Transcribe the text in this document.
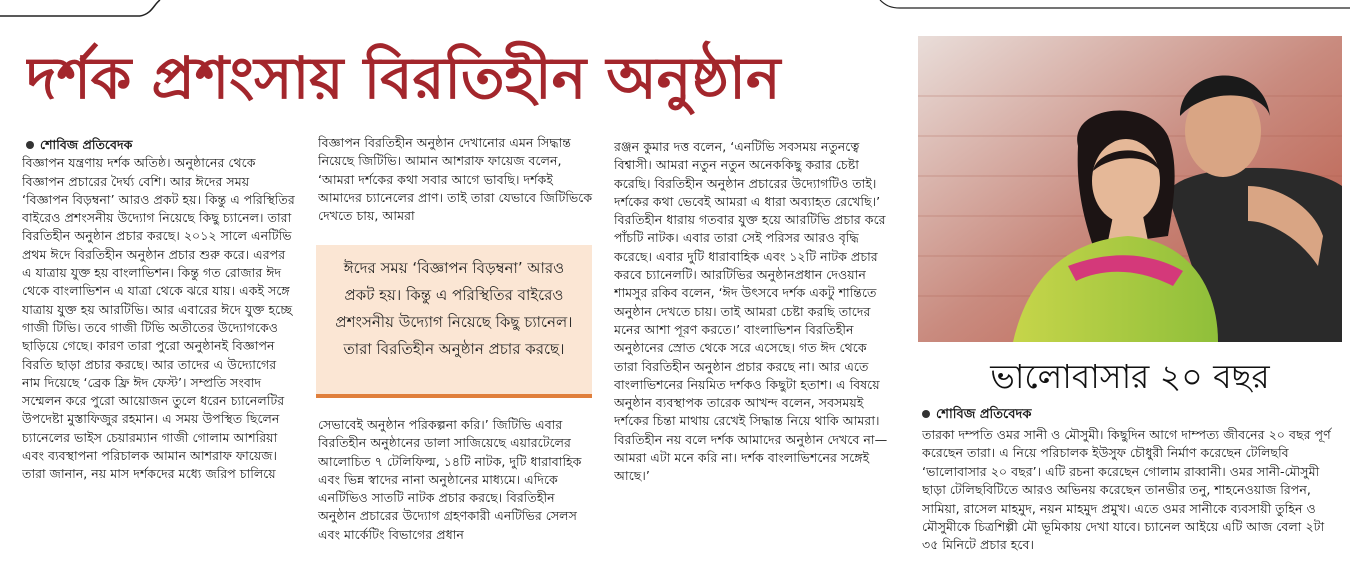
দর্শক প্রশংসায় বিরতিহীন অনুষ্ঠান

শোবিজ প্রতিবেদক

বিজ্ঞাপন যন্ত্রণায় দর্শক অতিষ্ঠ। অনুষ্ঠানের থেকে বিজ্ঞাপন প্রচারের দৈর্ঘ্য বেশি। আর ঈদের সময় ‘বিজ্ঞাপন বিড়ম্বনা’ আরও প্রকট হয়। কিন্তু এ পরিস্থিতির বাইরেও প্রশংসনীয় উদ্যোগ নিয়েছে কিছু চ্যানেল। তারা বিরতিহীন অনুষ্ঠান প্রচার করছে। ২০১২ সালে এনটিভি প্রথম ঈদে বিরতিহীন অনুষ্ঠান প্রচার শুরু করে। এরপর এ যাত্রায় যুক্ত হয় বাংলাভিশন। কিন্তু গত রোজার ঈদ থেকে বাংলাভিশন এ যাত্রা থেকে ঝরে যায়। একই সঙ্গে যাত্রায় যুক্ত হয় আরটিভি। আর এবারের ঈদে যুক্ত হচ্ছে গাজী টিভি। তবে গাজী টিভি অতীতের উদ্যোগকেও ছাড়িয়ে গেছে। কারণ তারা পুরো অনুষ্ঠানই বিজ্ঞাপন বিরতি ছাড়া প্রচার করছে। আর তাদের এ উদ্যোগের নাম দিয়েছে ‘ব্রেক ফ্রি ঈদ ফেস্ট’। সম্প্রতি সংবাদ সম্মেলন করে পুরো আয়োজন তুলে ধরেন চ্যানেলটির উপদেষ্টা মুস্তাফিজুর রহমান। এ সময় উপস্থিত ছিলেন চ্যানেলের ভাইস চেয়ারম্যান গাজী গোলাম আশরিয়া এবং ব্যবস্থাপনা পরিচালক আমান আশরাফ ফায়েজ। তারা জানান, নয় মাস দর্শকদের মধ্যে জরিপ চালিয়ে

বিজ্ঞাপন বিরতিহীন অনুষ্ঠান দেখানোর এমন সিদ্ধান্ত নিয়েছে জিটিভি। আমান আশরাফ ফায়েজ বলেন, ‘আমরা দর্শকের কথা সবার আগে ভাবছি। দর্শকই আমাদের চ্যানেলের প্রাণ। তাই তারা যেভাবে জিটিভিকে দেখতে চায়, আমরা

ঈদের সময় ‘বিজ্ঞাপন বিড়ম্বনা’ আরও প্রকট হয়। কিন্তু এ পরিস্থিতির বাইরেও প্রশংসনীয় উদ্যোগ নিয়েছে কিছু চ্যানেল। তারা বিরতিহীন অনুষ্ঠান প্রচার করছে।

সেভাবেই অনুষ্ঠান পরিকল্পনা করি।’ জিটিভি এবার বিরতিহীন অনুষ্ঠানের ডালা সাজিয়েছে এয়ারটেলের আলোচিত ৭ টেলিফিল্ম, ১৪টি নাটক, দুটি ধারাবাহিক এবং ভিন্ন স্বাদের নানা অনুষ্ঠানের মাধ্যমে। এদিকে এনটিভিও সাতটি নাটক প্রচার করছে। বিরতিহীন অনুষ্ঠান প্রচারের উদ্যোগ গ্রহণকারী এনটিভির সেলস এবং মার্কেটিং বিভাগের প্রধান

রঞ্জন কুমার দত্ত বলেন, ‘এনটিভি সবসময় নতুনত্বে বিশ্বাসী। আমরা নতুন নতুন অনেককিছু করার চেষ্টা করেছি। বিরতিহীন অনুষ্ঠান প্রচারের উদ্যোগটিও তাই। দর্শকের কথা ভেবেই আমরা এ ধারা অব্যাহত রেখেছি।’ বিরতিহীন ধারায় গতবার যুক্ত হয়ে আরটিভি প্রচার করে পাঁচটি নাটক। এবার তারা সেই পরিসর আরও বৃদ্ধি করেছে। এবার দুটি ধারাবাহিক এবং ১২টি নাটক প্রচার করবে চ্যানেলটি। আরটিভির অনুষ্ঠানপ্রধান দেওয়ান শামসুর রকিব বলেন, ‘ঈদ উৎসবে দর্শক একটু শান্তিতে অনুষ্ঠান দেখতে চায়। তাই আমরা চেষ্টা করছি তাদের মনের আশা পূরণ করতে।’ বাংলাভিশন বিরতিহীন অনুষ্ঠানের স্রোত থেকে সরে এসেছে। গত ঈদ থেকে তারা বিরতিহীন অনুষ্ঠান প্রচার করছে না। আর এতে বাংলাভিশনের নিয়মিত দর্শকও কিছুটা হতাশ। এ বিষয়ে অনুষ্ঠান ব্যবস্থাপক তারেক আখন্দ বলেন, সবসময়ই দর্শকের চিন্তা মাথায় রেখেই সিদ্ধান্ত নিয়ে থাকি আমরা। বিরতিহীন নয় বলে দর্শক আমাদের অনুষ্ঠান দেখবে না— আমরা এটা মনে করি না। দর্শক বাংলাভিশনের সঙ্গেই আছে।’

ভালোবাসার ২০ বছর
শোবিজ প্রতিবেদক
তারকা দম্পতি ওমর সানী ও মৌসুমী। কিছুদিন আগে দাম্পত্য জীবনের ২০ বছর পূর্ণ করেছেন তারা। এ নিয়ে পরিচালক ইউসুফ চৌধুরী নির্মাণ করেছেন টেলিছবি ‘ভালোবাসার ২০ বছর’। এটি রচনা করেছেন গোলাম রাব্বানী। ওমর সানী-মৌসুমী ছাড়া টেলিছবিটিতে আরও অভিনয় করেছেন তানভীর তনু, শাহনেওয়াজ রিপন, সামিয়া, রাসেল মাহমুদ, নয়ন মাহমুদ প্রমুখ। এতে ওমর সানীকে ব্যবসায়ী তুহিন ও মৌসুমীকে চিত্রশিল্পী মৌ ভূমিকায় দেখা যাবে। চ্যানেল আইয়ে এটি আজ বেলা ২টা ৩৫ মিনিটে প্রচার হবে।
